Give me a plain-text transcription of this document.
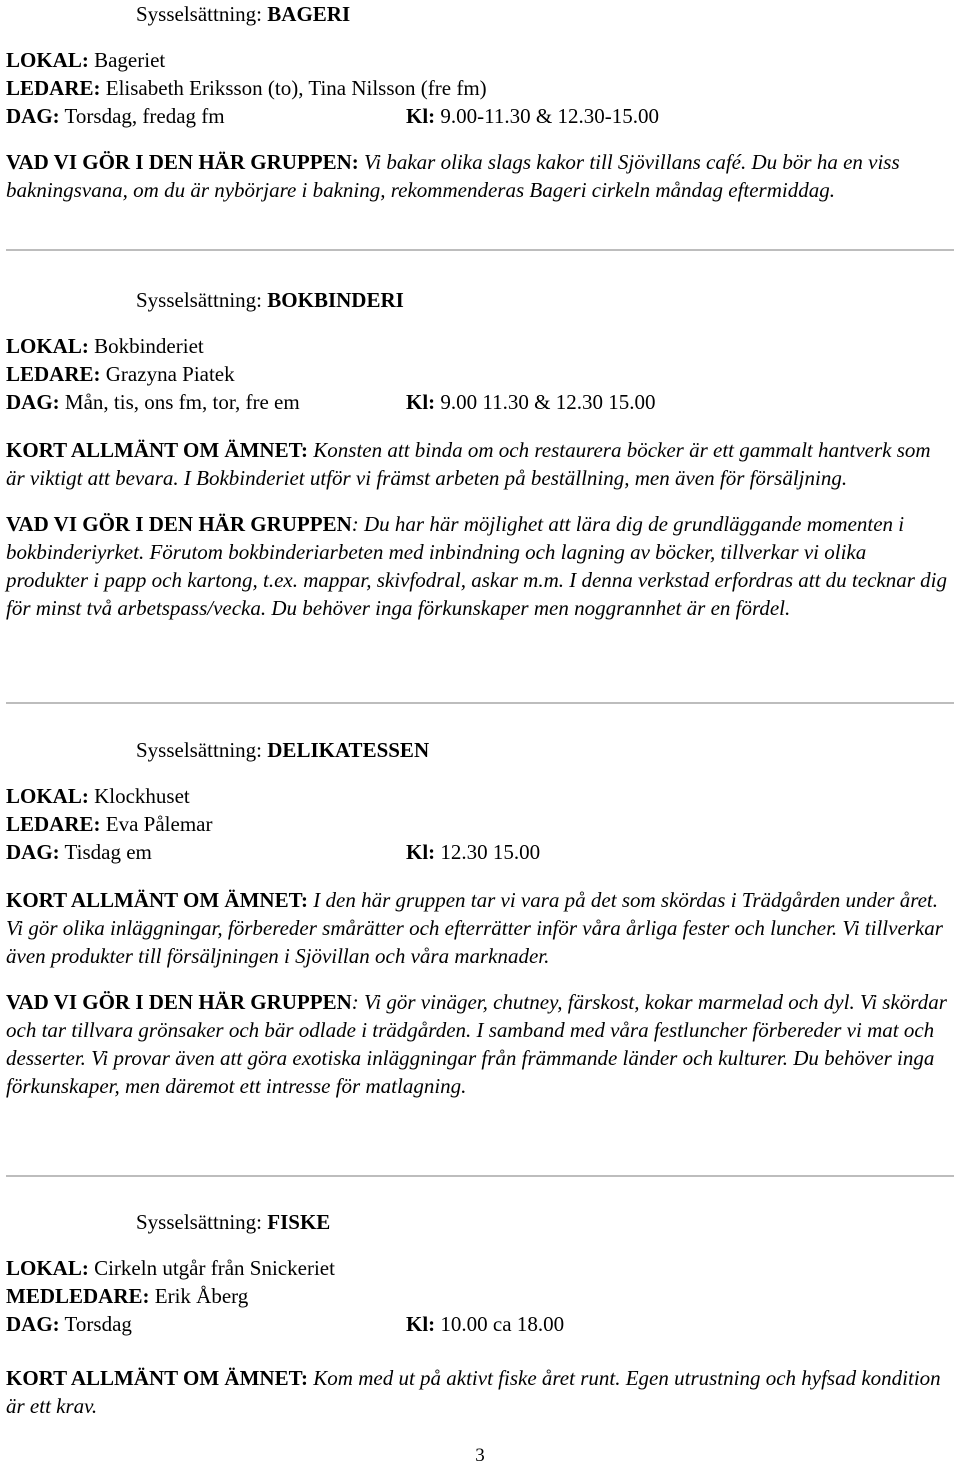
Sysselsättning: BAGERI

LOKAL: Bageriet

LEDARE: Elisabeth Eriksson (to), Tina Nilsson (fre fm)

DAG: Torsdag, fredag fm	Kl: 9.00-11.30 & 12.30-15.00

VAD VI GÖR I DEN HÄR GRUPPEN: Vi bakar olika slags kakor till Sjövillans café. Du bör ha en viss bakningsvana, om du är nybörjare i bakning, rekommenderas Bageri cirkeln måndag eftermiddag.

Sysselsättning: BOKBINDERI

LOKAL: Bokbinderiet

LEDARE: Grazyna Piatek

DAG: Mån, tis, ons fm, tor, fre em	Kl: 9.00 11.30 & 12.30 15.00

KORT ALLMÄNT OM ÄMNET: Konsten att binda om och restaurera böcker är ett gammalt hantverk som är viktigt att bevara. I Bokbinderiet utför vi främst arbeten på beställning, men även för försäljning.

VAD VI GÖR I DEN HÄR GRUPPEN: Du har här möjlighet att lära dig de grundläggande momenten i bokbinderiyrket. Förutom bokbinderiarbeten med inbindning och lagning av böcker, tillverkar vi olika produkter i papp och kartong, t.ex. mappar, skivfodral, askar m.m. I denna verkstad erfordras att du tecknar dig för minst två arbetspass/vecka. Du behöver inga förkunskaper men noggrannhet är en fördel.

Sysselsättning: DELIKATESSEN

LOKAL: Klockhuset

LEDARE: Eva Pålemar

DAG: Tisdag em	Kl: 12.30 15.00

KORT ALLMÄNT OM ÄMNET: I den här gruppen tar vi vara på det som skördas i Trädgården under året. Vi gör olika inläggningar, förbereder smårätter och efterrätter inför våra årliga fester och luncher. Vi tillverkar även produkter till försäljningen i Sjövillan och våra marknader.

VAD VI GÖR I DEN HÄR GRUPPEN: Vi gör vinäger, chutney, färskost, kokar marmelad och dyl. Vi skördar och tar tillvara grönsaker och bär odlade i trädgården. I samband med våra festluncher förbereder vi mat och desserter. Vi provar även att göra exotiska inläggningar från främmande länder och kulturer. Du behöver inga förkunskaper, men däremot ett intresse för matlagning.

Sysselsättning: FISKE

LOKAL: Cirkeln utgår från Snickeriet

MEDLEDARE: Erik Åberg

DAG: Torsdag	Kl: 10.00 ca 18.00

KORT ALLMÄNT OM ÄMNET: Kom med ut på aktivt fiske året runt. Egen utrustning och hyfsad kondition är ett krav.

3
